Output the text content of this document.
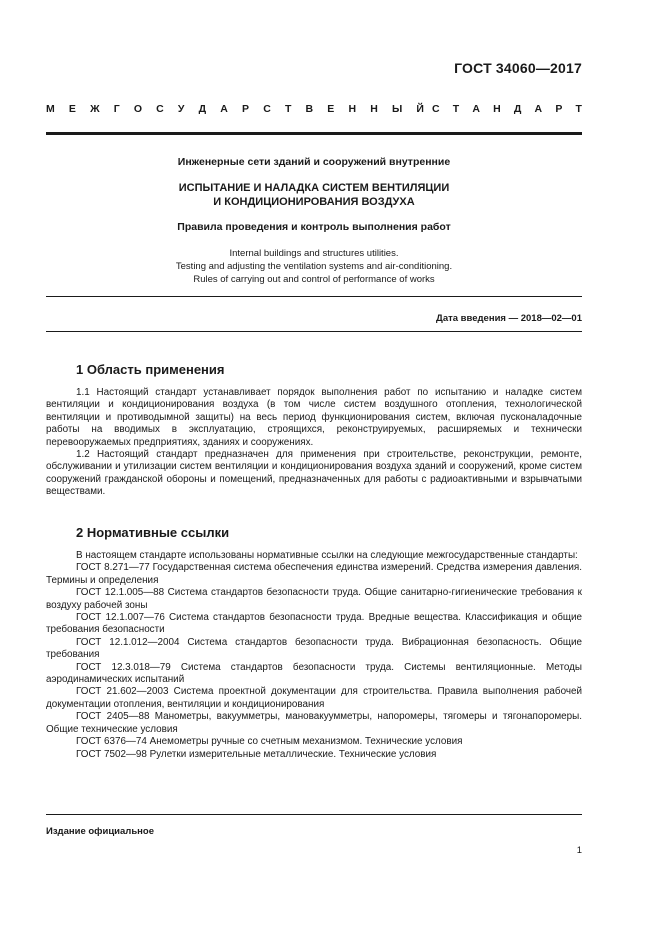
ГОСТ 34060—2017
М Е Ж Г О С У Д А Р С Т В Е Н Н Ы Й С Т А Н Д А Р Т
Инженерные сети зданий и сооружений внутренние
ИСПЫТАНИЕ И НАЛАДКА СИСТЕМ ВЕНТИЛЯЦИИ
И КОНДИЦИОНИРОВАНИЯ ВОЗДУХА
Правила проведения и контроль выполнения работ
Internal buildings and structures utilities.
Testing and adjusting the ventilation systems and air-conditioning.
Rules of carrying out and control of performance of works
Дата введения — 2018—02—01
1 Область применения

1.1 Настоящий стандарт устанавливает порядок выполнения работ по испытанию и наладке систем вентиляции и кондиционирования воздуха (в том числе систем воздушного отопления, технологической вентиляции и противодымной защиты) на весь период функционирования систем, включая пусконаладочные работы на вводимых в эксплуатацию, строящихся, реконструируемых, расширяемых и технически перевооружаемых предприятиях, зданиях и сооружениях.

1.2 Настоящий стандарт предназначен для применения при строительстве, реконструкции, ремонте, обслуживании и утилизации систем вентиляции и кондиционирования воздуха зданий и сооружений, кроме систем сооружений гражданской обороны и помещений, предназначенных для работы с радиоактивными и взрывчатыми веществами.

2 Нормативные ссылки

В настоящем стандарте использованы нормативные ссылки на следующие межгосударственные стандарты:

ГОСТ 8.271—77 Государственная система обеспечения единства измерений. Средства измерения давления. Термины и определения

ГОСТ 12.1.005—88 Система стандартов безопасности труда. Общие санитарно-гигиенические требования к воздуху рабочей зоны

ГОСТ 12.1.007—76 Система стандартов безопасности труда. Вредные вещества. Классификация и общие требования безопасности

ГОСТ 12.1.012—2004 Система стандартов безопасности труда. Вибрационная безопасность. Общие требования

ГОСТ 12.3.018—79 Система стандартов безопасности труда. Системы вентиляционные. Методы аэродинамических испытаний

ГОСТ 21.602—2003 Система проектной документации для строительства. Правила выполнения рабочей документации отопления, вентиляции и кондиционирования

ГОСТ 2405—88 Манометры, вакуумметры, мановакуумметры, напоромеры, тягомеры и тягонапоромеры. Общие технические условия

ГОСТ 6376—74 Анемометры ручные со счетным механизмом. Технические условия

ГОСТ 7502—98 Рулетки измерительные металлические. Технические условия

Издание официальное
1
